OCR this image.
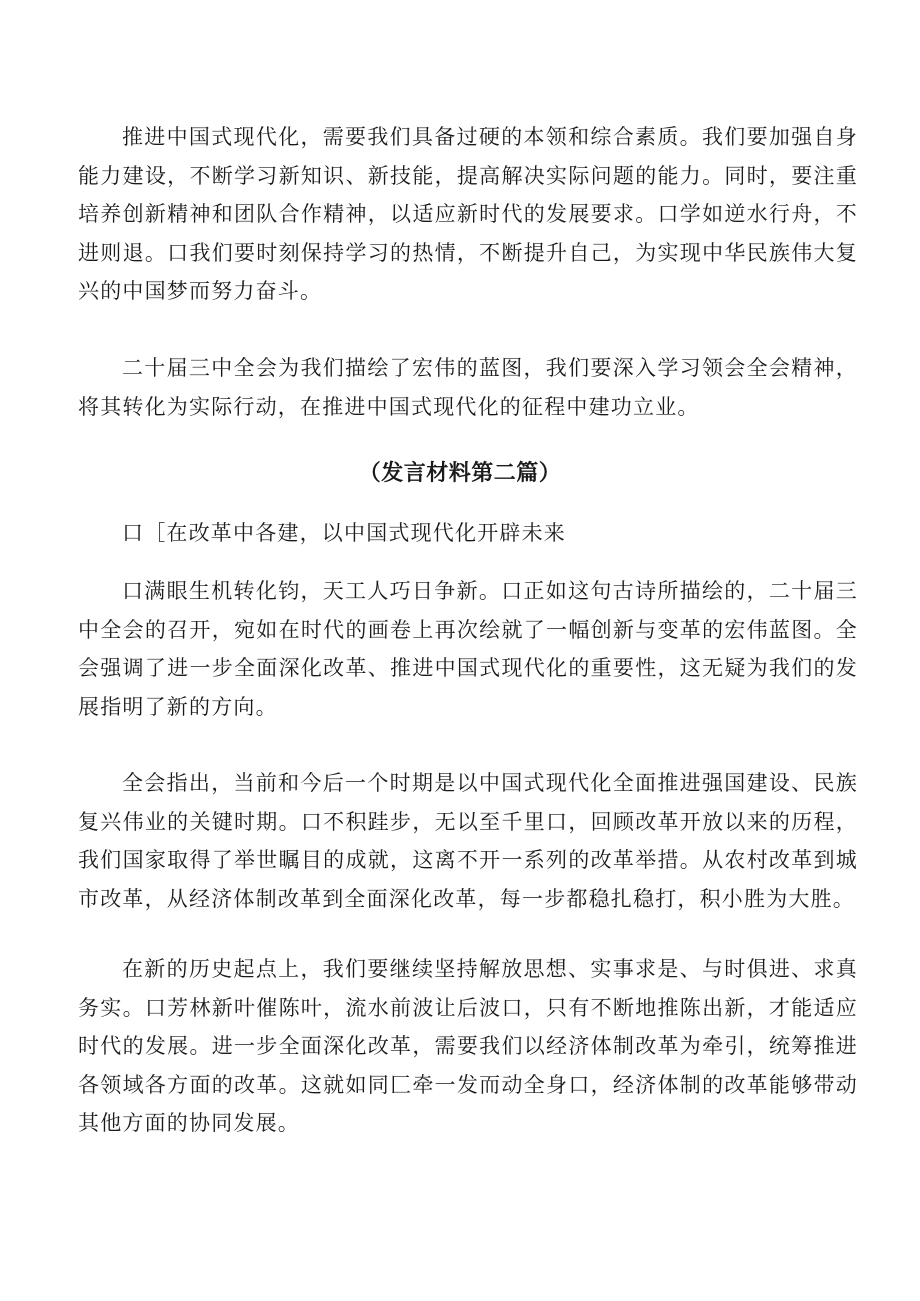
推进中国式现代化，需要我们具备过硬的本领和综合素质。我们要加强自身能力建设，不断学习新知识、新技能，提高解决实际问题的能力。同时，要注重培养创新精神和团队合作精神，以适应新时代的发展要求。口学如逆水行舟，不进则退。口我们要时刻保持学习的热情，不断提升自己，为实现中华民族伟大复兴的中国梦而努力奋斗。

二十届三中全会为我们描绘了宏伟的蓝图，我们要深入学习领会全会精神，将其转化为实际行动，在推进中国式现代化的征程中建功立业。

（发言材料第二篇）

口［在改革中各建，以中国式现代化开辟未来

口满眼生机转化钧，天工人巧日争新。口正如这句古诗所描绘的，二十届三中全会的召开，宛如在时代的画卷上再次绘就了一幅创新与变革的宏伟蓝图。全会强调了进一步全面深化改革、推进中国式现代化的重要性，这无疑为我们的发展指明了新的方向。

全会指出，当前和今后一个时期是以中国式现代化全面推进强国建设、民族复兴伟业的关键时期。口不积跬步，无以至千里口，回顾改革开放以来的历程，我们国家取得了举世瞩目的成就，这离不开一系列的改革举措。从农村改革到城市改革，从经济体制改革到全面深化改革，每一步都稳扎稳打，积小胜为大胜。

在新的历史起点上，我们要继续坚持解放思想、实事求是、与时俱进、求真务实。口芳林新叶催陈叶，流水前波让后波口，只有不断地推陈出新，才能适应时代的发展。进一步全面深化改革，需要我们以经济体制改革为牵引，统筹推进各领域各方面的改革。这就如同匚牵一发而动全身口，经济体制的改革能够带动其他方面的协同发展。
